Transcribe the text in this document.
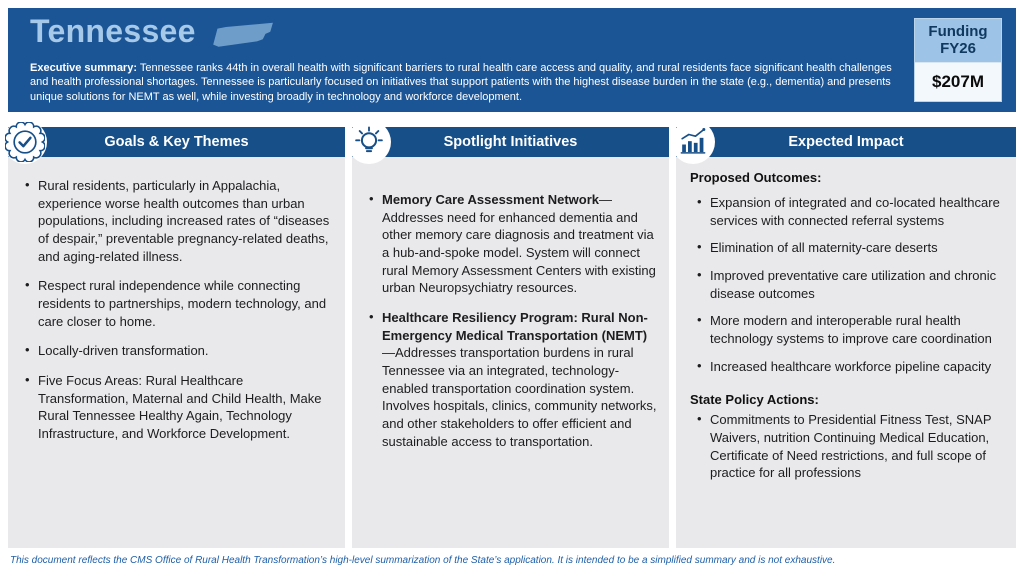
Tennessee

Executive summary: Tennessee ranks 44th in overall health with significant barriers to rural health care access and quality, and rural residents face significant health challenges and health professional shortages. Tennessee is particularly focused on initiatives that support patients with the highest disease burden in the state (e.g., dementia) and presents unique solutions for NEMT as well, while investing broadly in technology and workforce development.

Funding
FY26
$207M
Goals & Key Themes
• Rural residents, particularly in Appalachia, experience worse health outcomes than urban populations, including increased rates of “diseases of despair,” preventable pregnancy-related deaths, and aging-related illness.
• Respect rural independence while connecting residents to partnerships, modern technology, and care closer to home.
• Locally-driven transformation.
• Five Focus Areas: Rural Healthcare Transformation, Maternal and Child Health, Make Rural Tennessee Healthy Again, Technology Infrastructure, and Workforce Development.
Spotlight Initiatives
• Memory Care Assessment Network—Addresses need for enhanced dementia and other memory care diagnosis and treatment via a hub-and-spoke model. System will connect rural Memory Assessment Centers with existing urban Neuropsychiatry resources.
• Healthcare Resiliency Program: Rural Non-Emergency Medical Transportation (NEMT)—Addresses transportation burdens in rural Tennessee via an integrated, technology-enabled transportation coordination system. Involves hospitals, clinics, community networks, and other stakeholders to offer efficient and sustainable access to transportation.
Expected Impact

Proposed Outcomes:

• Expansion of integrated and co-located healthcare services with connected referral systems
• Elimination of all maternity-care deserts
• Improved preventative care utilization and chronic disease outcomes
• More modern and interoperable rural health technology systems to improve care coordination
• Increased healthcare workforce pipeline capacity

State Policy Actions:

• Commitments to Presidential Fitness Test, SNAP Waivers, nutrition Continuing Medical Education, Certificate of Need restrictions, and full scope of practice for all professions

This document reflects the CMS Office of Rural Health Transformation’s high-level summarization of the State’s application. It is intended to be a simplified summary and is not exhaustive.
